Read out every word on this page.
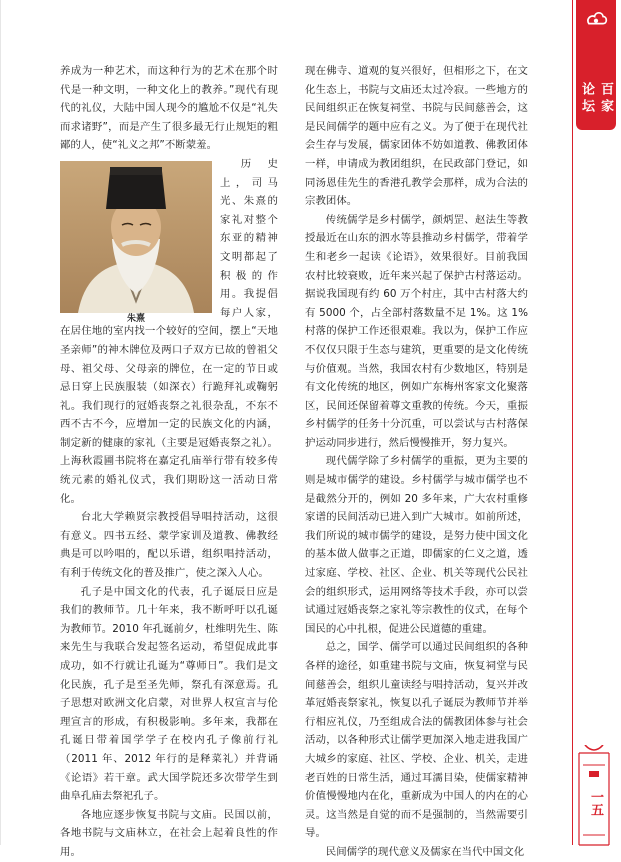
养成为一种艺术，而这种行为的艺术在那个时代是一种文明，一种文化上的教养。”现代有现代的礼仪，大陆中国人现今的尴尬不仅是“礼失而求诸野”，而是产生了很多最无行止规矩的粗鄙的人，使“礼义之邦”不断蒙羞。

朱熹

历史上，司马光、朱熹的家礼对整个东亚的精神文明都起了积极的作用。我提倡每户人家，在居住地的室内找一个较好的空间，摆上“天地圣亲师”的神木牌位及两口子双方已故的曾祖父母、祖父母、父母亲的牌位，在一定的节日或忌日穿上民族服装（如深衣）行跪拜礼或鞠躬礼。我们现行的冠婚丧祭之礼很杂乱，不东不西不古不今，应增加一定的民族文化的内涵，制定新的健康的家礼（主要是冠婚丧祭之礼）。上海秋霞圃书院将在嘉定孔庙举行带有较多传统元素的婚礼仪式，我们期盼这一活动日常化。

台北大学赖贤宗教授倡导唱持活动，这很有意义。四书五经、蒙学家训及道教、佛教经典是可以吟唱的，配以乐谱，组织唱持活动，有利于传统文化的普及推广，使之深入人心。

孔子是中国文化的代表，孔子诞辰日应是我们的教师节。几十年来，我不断呼吁以孔诞为教师节。2010 年孔诞前夕，杜维明先生、陈来先生与我联合发起签名运动，希望促成此事成功，如不行就让孔诞为“尊师日”。我们是文化民族，孔子是至圣先师，祭孔有深意焉。孔子思想对欧洲文化启蒙，对世界人权宣言与伦理宣言的形成，有积极影响。多年来，我都在孔诞日带着国学学子在校内孔子像前行礼（2011 年、2012 年行的是释菜礼）并背诵《论语》若干章。武大国学院还多次带学生到曲阜孔庙去祭祀孔子。

各地应逐步恢复书院与文庙。民国以前，各地书院与文庙林立，在社会上起着良性的作用。

现在佛寺、道观的复兴很好，但相形之下，在文化生态上，书院与文庙还太过冷寂。一些地方的民间组织正在恢复祠堂、书院与民间慈善会，这是民间儒学的题中应有之义。为了便于在现代社会生存与发展，儒家团体不妨如道教、佛教团体一样，申请成为教团组织，在民政部门登记，如同汤恩佳先生的香港孔教学会那样，成为合法的宗教团体。

传统儒学是乡村儒学，颜炳罡、赵法生等教授最近在山东的泗水等县推动乡村儒学，带着学生和老乡一起读《论语》，效果很好。目前我国农村比较衰败，近年来兴起了保护古村落运动。据说我国现有约 60 万个村庄，其中古村落大约有 5000 个，占全部村落数量不足 1%。这 1% 村落的保护工作还很艰难。我以为，保护工作应不仅仅只限于生态与建筑，更重要的是文化传统与价值观。当然，我国农村有少数地区，特别是有文化传统的地区，例如广东梅州客家文化聚落区，民间还保留着尊文重教的传统。今天，重振乡村儒学的任务十分沉重，可以尝试与古村落保护运动同步进行，然后慢慢推开，努力复兴。

现代儒学除了乡村儒学的重振，更为主要的则是城市儒学的建设。乡村儒学与城市儒学也不是截然分开的，例如 20 多年来，广大农村重修家谱的民间活动已进入到广大城市。如前所述，我们所说的城市儒学的建设，是努力使中国文化的基本做人做事之正道，即儒家的仁义之道，透过家庭、学校、社区、企业、机关等现代公民社会的组织形式，运用网络等技术手段，亦可以尝试通过冠婚丧祭之家礼等宗教性的仪式，在每个国民的心中扎根，促进公民道德的重建。

总之，国学、儒学可以通过民间组织的各种各样的途径，如重建书院与文庙，恢复祠堂与民间慈善会，组织儿童读经与唱持活动，复兴并改革冠婚丧祭家礼，恢复以孔子诞辰为教师节并举行相应礼仪，乃至组成合法的儒教团体参与社会活动，以各种形式让儒学更加深入地走进我国广大城乡的家庭、社区、学校、企业、机关，走进老百姓的日常生活，通过耳濡目染，使儒家精神价值慢慢地内在化，重新成为中国人的内在的心灵。这当然是自觉的而不是强制的，当然需要引导。

民间儒学的现代意义及儒家在当代中国文化

百家论坛
一五
